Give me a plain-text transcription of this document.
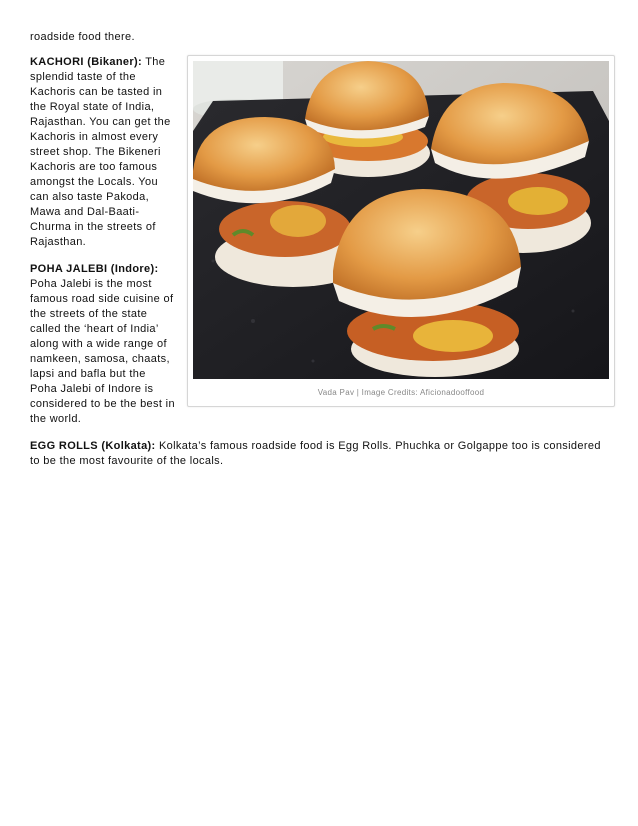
roadside food there.

Vada Pav | Image Credits: Aficionadooffood

KACHORI (Bikaner): The splendid taste of the Kachoris can be tasted in the Royal state of India, Rajasthan. You can get the Kachoris in almost every street shop. The Bikeneri Kachoris are too famous amongst the Locals. You can also taste Pakoda, Mawa and Dal-Baati-Churma in the streets of Rajasthan.

POHA JALEBI (Indore): Poha Jalebi is the most famous road side cuisine of the streets of the state called the ‘heart of India’ along with a wide range of namkeen, samosa, chaats, lapsi and bafla but the Poha Jalebi of Indore is considered to be the best in the world.

EGG ROLLS (Kolkata): Kolkata’s famous roadside food is Egg Rolls. Phuchka or Golgappe too is considered to be the most favourite of the locals.
